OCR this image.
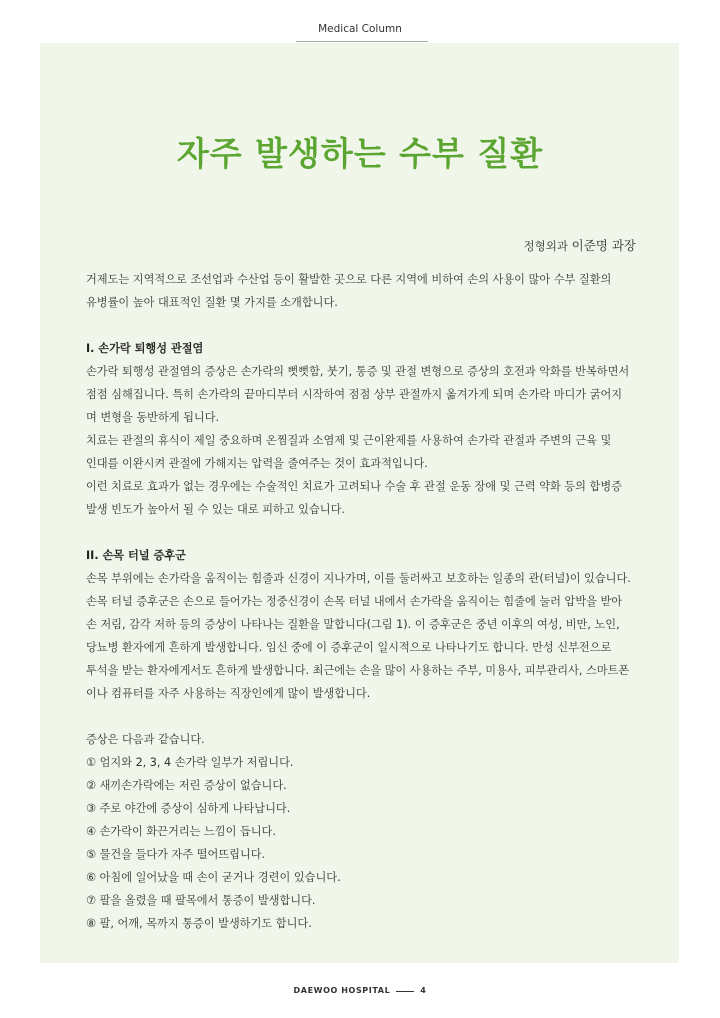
Medical Column
자주 발생하는 수부 질환
정형외과 이준명 과장

거제도는 지역적으로 조선업과 수산업 등이 활발한 곳으로 다른 지역에 비하여 손의 사용이 많아 수부 질환의

유병률이 높아 대표적인 질환 몇 가지를 소개합니다.

I. 손가락 퇴행성 관절염

손가락 퇴행성 관절염의 증상은 손가락의 뻣뻣함, 붓기, 통증 및 관절 변형으로 증상의 호전과 악화를 반복하면서

점점 심해집니다. 특히 손가락의 끝마디부터 시작하여 점점 상부 관절까지 옮겨가게 되며 손가락 마디가 굵어지

며 변형을 동반하게 됩니다.

치료는 관절의 휴식이 제일 중요하며 온찜질과 소염제 및 근이완제를 사용하여 손가락 관절과 주변의 근육 및

인대를 이완시켜 관절에 가해지는 압력을 줄여주는 것이 효과적입니다.

이런 치료로 효과가 없는 경우에는 수술적인 치료가 고려되나 수술 후 관절 운동 장애 및 근력 약화 등의 합병증

발생 빈도가 높아서 될 수 있는 대로 피하고 있습니다.

II. 손목 터널 증후군

손목 부위에는 손가락을 움직이는 힘줄과 신경이 지나가며, 이를 둘러싸고 보호하는 일종의 관(터널)이 있습니다.

손목 터널 증후군은 손으로 들어가는 정중신경이 손목 터널 내에서 손가락을 움직이는 힘줄에 눌러 압박을 받아

손 저림, 감각 저하 등의 증상이 나타나는 질환을 말합니다(그림 1). 이 증후군은 중년 이후의 여성, 비만, 노인,

당뇨병 환자에게 흔하게 발생합니다. 임신 중에 이 증후군이 일시적으로 나타나기도 합니다. 만성 신부전으로

투석을 받는 환자에게서도 흔하게 발생합니다. 최근에는 손을 많이 사용하는 주부, 미용사, 피부관리사, 스마트폰

이나 컴퓨터를 자주 사용하는 직장인에게 많이 발생합니다.

증상은 다음과 같습니다.

① 엄지와 2, 3, 4 손가락 일부가 저립니다.

② 새끼손가락에는 저린 증상이 없습니다.

③ 주로 야간에 증상이 심하게 나타납니다.

④ 손가락이 화끈거리는 느낌이 듭니다.

⑤ 물건을 들다가 자주 떨어뜨립니다.

⑥ 아침에 일어났을 때 손이 굳거나 경련이 있습니다.

⑦ 팔을 올렸을 때 팔목에서 통증이 발생합니다.

⑧ 팔, 어깨, 목까지 통증이 발생하기도 합니다.

DAEWOO HOSPITAL	4
